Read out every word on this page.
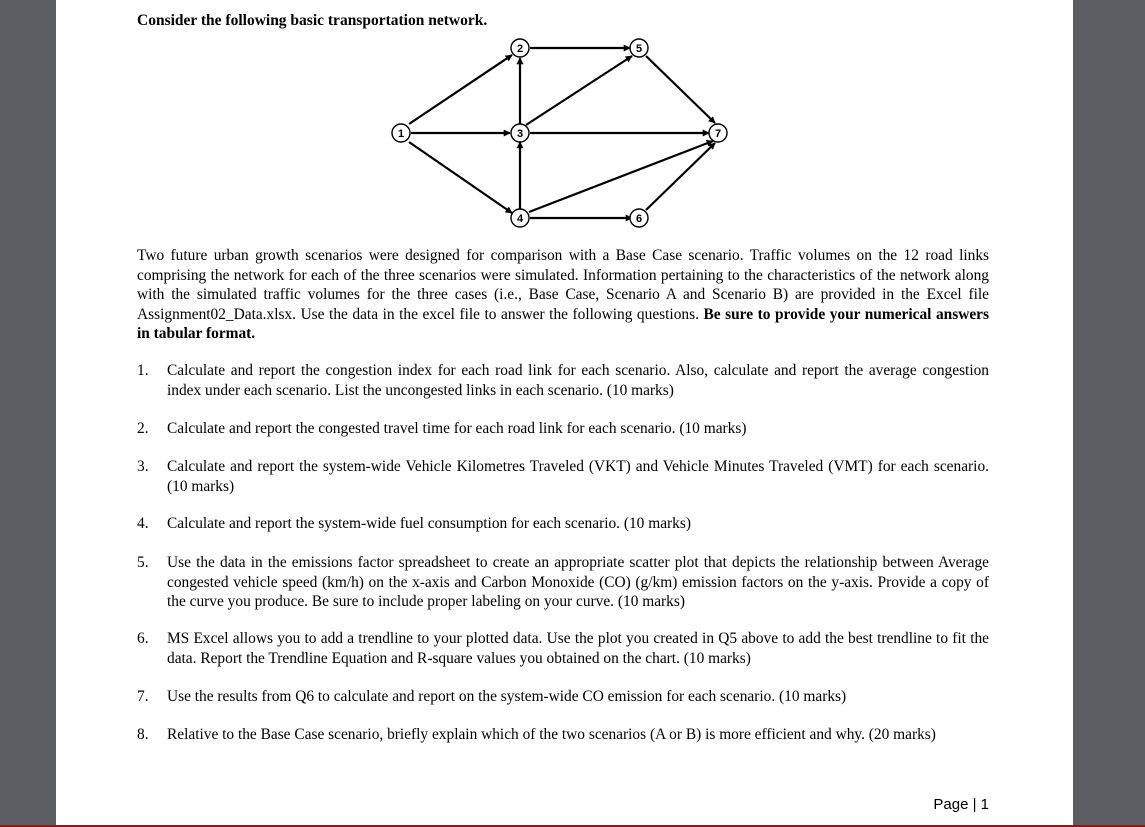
Consider the following basic transportation network.
1
2
3
4
5
6
7
Two future urban growth scenarios were designed for comparison with a Base Case scenario. Traffic volumes on the 12 road links comprising the network for each of the three scenarios were simulated. Information pertaining to the characteristics of the network along with the simulated traffic volumes for the three cases (i.e., Base Case, Scenario A and Scenario B) are provided in the Excel file Assignment02_Data.xlsx. Use the data in the excel file to answer the following questions. Be sure to provide your numerical answers in tabular format.
1. Calculate and report the congestion index for each road link for each scenario. Also, calculate and report the average congestion index under each scenario. List the uncongested links in each scenario. (10 marks)
2. Calculate and report the congested travel time for each road link for each scenario. (10 marks)
3. Calculate and report the system-wide Vehicle Kilometres Traveled (VKT) and Vehicle Minutes Traveled (VMT) for each scenario. (10 marks)
4. Calculate and report the system-wide fuel consumption for each scenario. (10 marks)
5. Use the data in the emissions factor spreadsheet to create an appropriate scatter plot that depicts the relationship between Average congested vehicle speed (km/h) on the x-axis and Carbon Monoxide (CO) (g/km) emission factors on the y-axis. Provide a copy of the curve you produce. Be sure to include proper labeling on your curve. (10 marks)
6. MS Excel allows you to add a trendline to your plotted data. Use the plot you created in Q5 above to add the best trendline to fit the data. Report the Trendline Equation and R-square values you obtained on the chart. (10 marks)
7. Use the results from Q6 to calculate and report on the system-wide CO emission for each scenario. (10 marks)
8. Relative to the Base Case scenario, briefly explain which of the two scenarios (A or B) is more efficient and why. (20 marks)
Page | 1
